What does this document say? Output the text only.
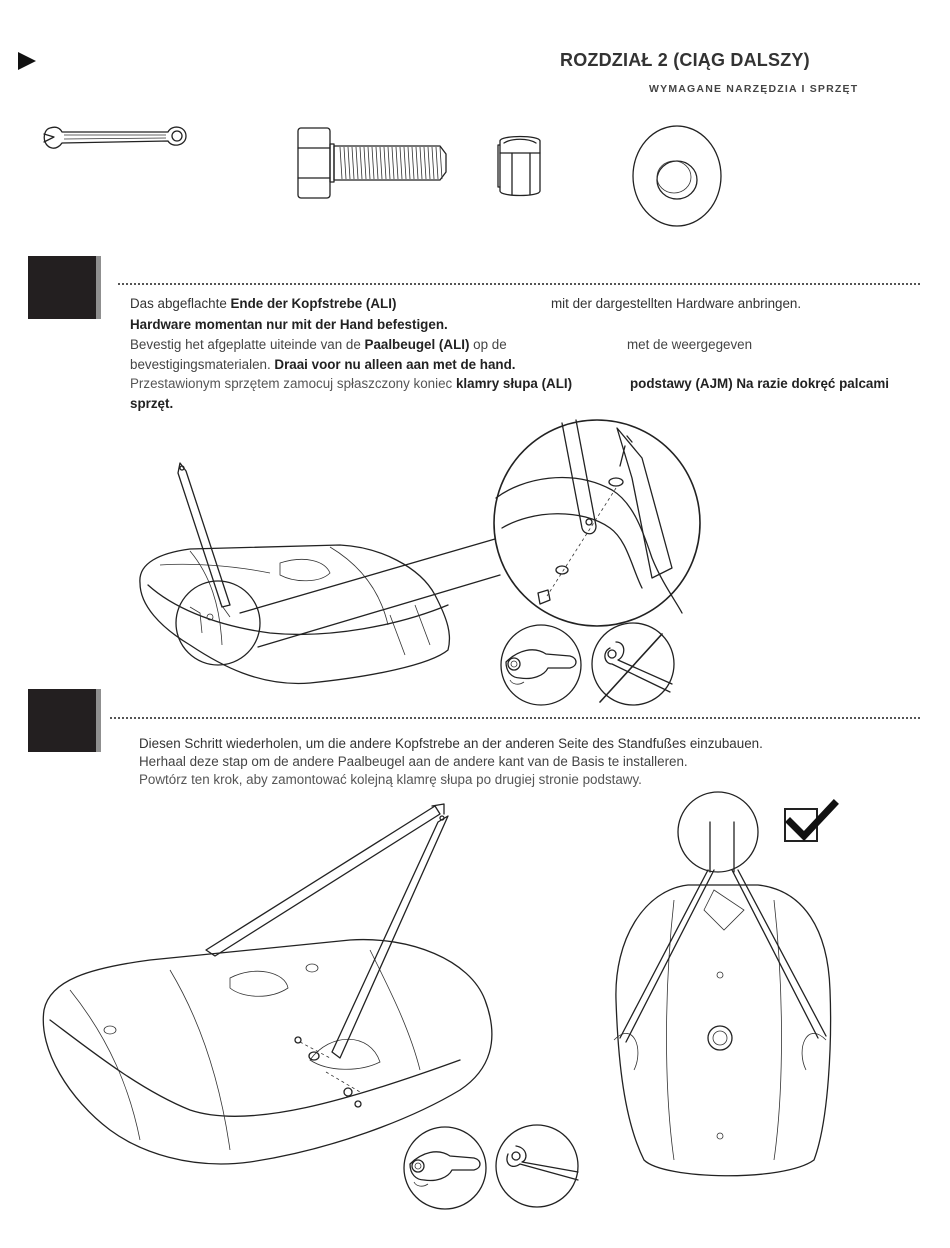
ROZDZIAŁ 2 (CIĄG DALSZY)
WYMAGANE NARZĘDZIA I SPRZĘT
Das abgeflachte Ende der Kopfstrebe (ALI)	mit der dargestellten Hardware anbringen.
Hardware momentan nur mit der Hand befestigen.
Bevestig het afgeplatte uiteinde van de Paalbeugel (ALI) op de	met de weergegeven
bevestigingsmaterialen. Draai voor nu alleen aan met de hand.
Przestawionym sprzętem zamocuj spłaszczony koniec klamry słupa (ALI)	podstawy (AJM) Na razie dokręć palcami
sprzęt.
Diesen Schritt wiederholen, um die andere Kopfstrebe an der anderen Seite des Standfußes einzubauen.
Herhaal deze stap om de andere Paalbeugel aan de andere kant van de Basis te installeren.
Powtórz ten krok, aby zamontować kolejną klamrę słupa po drugiej stronie podstawy.
